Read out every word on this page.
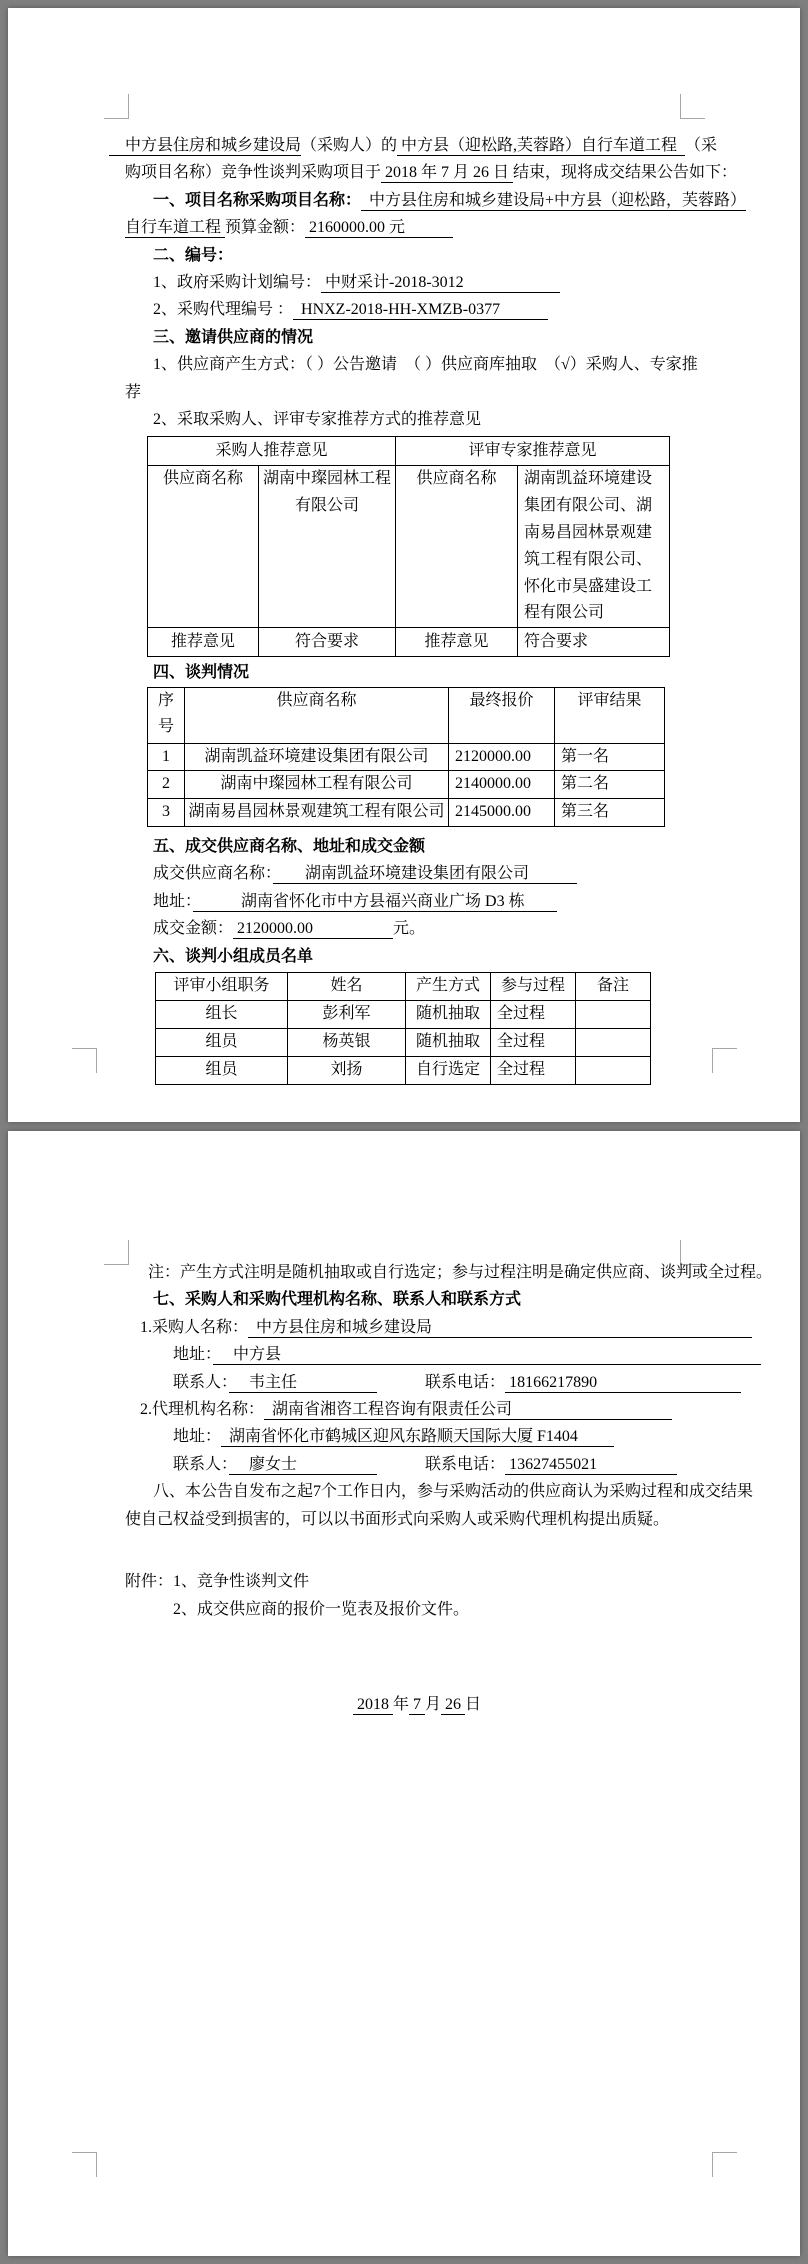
　中方县住房和城乡建设局（采购人）的 中方县（迎松路,芙蓉路）自行车道工程  （采
购项目名称）竞争性谈判采购项目于 2018 年 7 月 26 日 结束，现将成交结果公告如下：
一、项目名称采购项目名称：  中方县住房和城乡建设局+中方县（迎松路，芙蓉路）
自行车道工程 预算金额： 2160000.00 元　　　
二、编号：
1、政府采购计划编号： 中财采计-2018-3012　　　　　　
2、采购代理编号 ：  HNXZ-2018-HH-XMZB-0377　　　
三、邀请供应商的情况
1、供应商产生方式：（ ）公告邀请　（ ）供应商库抽取　（√）采购人、专家推
荐
2、采取采购人、评审专家推荐方式的推荐意见
采购人推荐意见		评审专家推荐意见	
供应商名称	湖南中璨园林工程有限公司	供应商名称	湖南凯益环境建设集团有限公司、湖南易昌园林景观建筑工程有限公司、怀化市昊盛建设工程有限公司
推荐意见	符合要求	推荐意见	符合要求
四、谈判情况
序号	供应商名称	最终报价	评审结果
1	湖南凯益环境建设集团有限公司	2120000.00	第一名
2	湖南中璨园林工程有限公司	2140000.00	第二名
3	湖南易昌园林景观建筑工程有限公司	2145000.00	第三名
五、成交供应商名称、地址和成交金额
成交供应商名称：　　湖南凯益环境建设集团有限公司　　　
地址：　　　湖南省怀化市中方县福兴商业广场 D3 栋　　
成交金额： 2120000.00　　　　　元。
六、谈判小组成员名单
评审小组职务	姓名	产生方式	参与过程	备注
组长	彭利军	随机抽取	全过程	
组员	杨英银	随机抽取	全过程	
组员	刘扬	自行选定	全过程	
注：产生方式注明是随机抽取或自行选定；参与过程注明是确定供应商、谈判或全过程。
七、采购人和采购代理机构名称、联系人和联系方式
1.采购人名称：  中方县住房和城乡建设局　　　　　　　　　　　　　　　　　　　　
地址：　 中方县　　　　　　　　　　　　　　　　　　　　　　　　　　　　　　
联系人：　 韦主任　　　　　　　　	联系电话： 18166217890　　　　　　　　　
2.代理机构名称：  湖南省湘咨工程咨询有限责任公司　　　　　　　　　　
地址：  湖南省怀化市鹤城区迎风东路顺天国际大厦 F1404 　　
联系人：　 廖女士　　　　　　　　	联系电话： 13627455021　　　　　
八、本公告自发布之起7个工作日内，参与采购活动的供应商认为采购过程和成交结果
使自己权益受到损害的，可以以书面形式向采购人或采购代理机构提出质疑。
附件：1、竞争性谈判文件
　　　2、成交供应商的报价一览表及报价文件。
2018 年 7 月 26 日
